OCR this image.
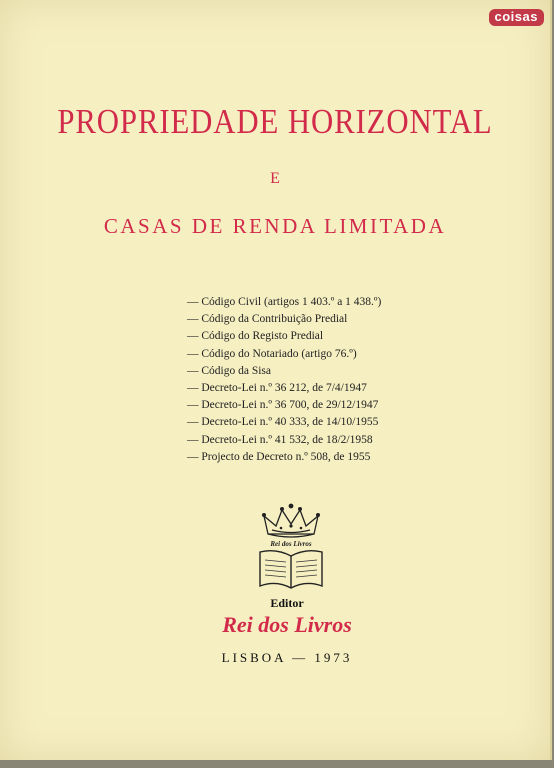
coisas
PROPRIEDADE HORIZONTAL
E
CASAS DE RENDA LIMITADA
— Código Civil (artigos 1 403.º a 1 438.º)
— Código da Contribuição Predial
— Código do Registo Predial
— Código do Notariado (artigo 76.º)
— Código da Sisa
— Decreto-Lei n.º 36 212, de 7/4/1947
— Decreto-Lei n.º 36 700, de 29/12/1947
— Decreto-Lei n.º 40 333, de 14/10/1955
— Decreto-Lei n.º 41 532, de 18/2/1958
— Projecto de Decreto n.º 508, de 1955
Rei dos Livros
Editor
Rei dos Livros
LISBOA — 1973
